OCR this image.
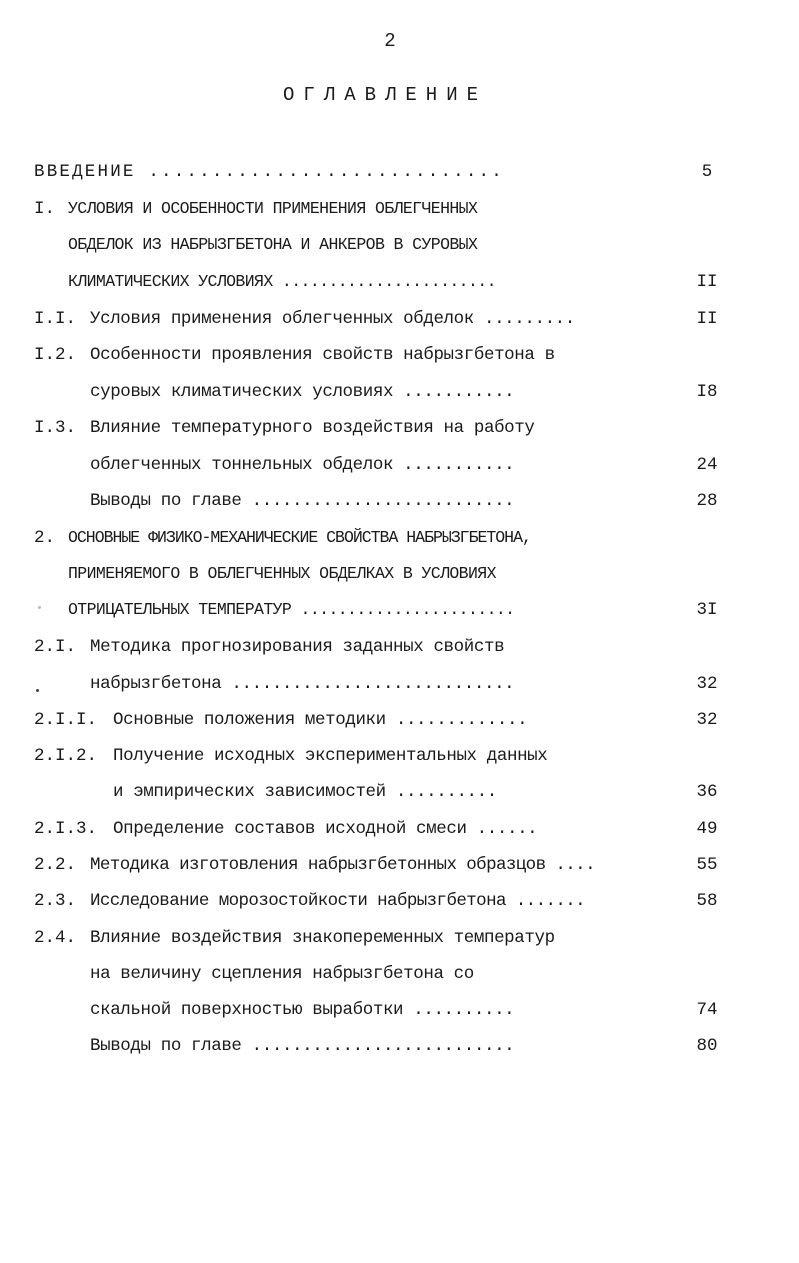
2
ОГЛАВЛЕНИЕ
ВВЕДЕНИЕ ............................	5
I. УСЛОВИЯ И ОСОБЕННОСТИ ПРИМЕНЕНИЯ ОБЛЕГЧЕННЫХ
ОБДЕЛОК ИЗ НАБРЫЗГБЕТОНА И АНКЕРОВ В СУРОВЫХ
КЛИМАТИЧЕСКИХ УСЛОВИЯХ .......................	II
I.I. Условия применения облегченных обделок .........	II
I.2. Особенности проявления свойств набрызгбетона в
суровых климатических условиях ...........	I8
I.3. Влияние температурного воздействия на работу
облегченных тоннельных обделок ...........	24
Выводы по главе ..........................	28
2. ОСНОВНЫЕ ФИЗИКО-МЕХАНИЧЕСКИЕ СВОЙСТВА НАБРЫЗГБЕТОНА,
ПРИМЕНЯЕМОГО В ОБЛЕГЧЕННЫХ ОБДЕЛКАХ В УСЛОВИЯХ
ОТРИЦАТЕЛЬНЫХ ТЕМПЕРАТУР .......................	3I
2.I. Методика прогнозирования заданных свойств
набрызгбетона ............................	32
2.I.I. Основные положения методики .............	32
2.I.2. Получение исходных экспериментальных данных
и эмпирических зависимостей ..........	36
2.I.3. Определение составов исходной смеси ......	49
2.2. Методика изготовления набрызгбетонных образцов ....	55
2.3. Исследование морозостойкости набрызгбетона .......	58
2.4. Влияние воздействия знакопеременных температур
на величину сцепления набрызгбетона со
скальной поверхностью выработки ..........	74
Выводы по главе ..........................	80
